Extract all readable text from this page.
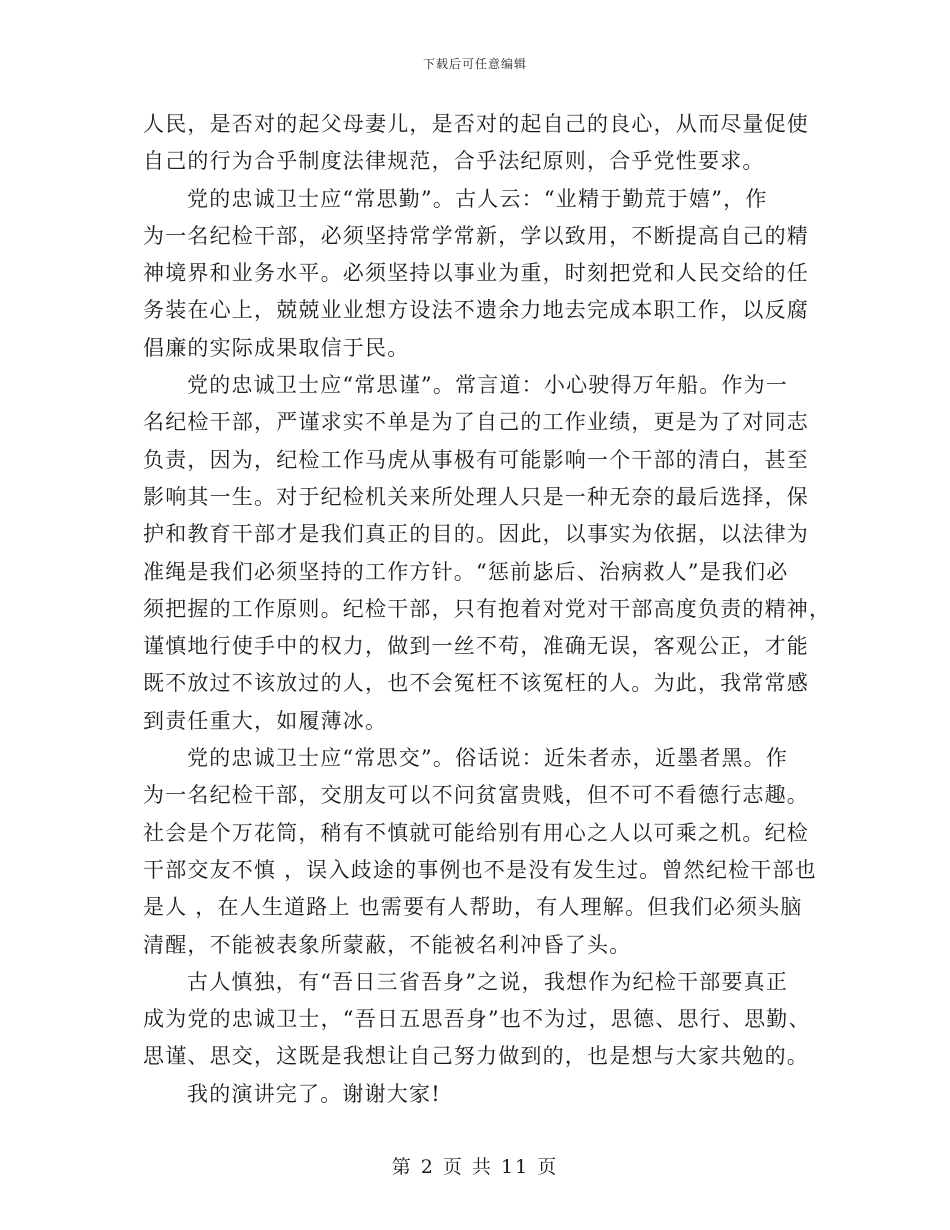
下载后可任意编辑
人民，是否对的起父母妻儿，是否对的起自己的良心，从而尽量促使
自己的行为合乎制度法律规范，合乎法纪原则，合乎党性要求。
党的忠诚卫士应“常思勤”。古人云：“业精于勤荒于嬉”，作
为一名纪检干部，必须坚持常学常新，学以致用，不断提高自己的精
神境界和业务水平。必须坚持以事业为重，时刻把党和人民交给的任
务装在心上，兢兢业业想方设法不遗余力地去完成本职工作，以反腐
倡廉的实际成果取信于民。
党的忠诚卫士应“常思谨”。常言道：小心驶得万年船。作为一
名纪检干部，严谨求实不单是为了自己的工作业绩，更是为了对同志
负责，因为，纪检工作马虎从事极有可能影响一个干部的清白，甚至
影响其一生。对于纪检机关来所处理人只是一种无奈的最后选择，保
护和教育干部才是我们真正的目的。因此，以事实为依据，以法律为
准绳是我们必须坚持的工作方针。“惩前毖后、治病救人”是我们必
须把握的工作原则。纪检干部，只有抱着对党对干部高度负责的精神，
谨慎地行使手中的权力，做到一丝不苟，准确无误，客观公正，才能
既不放过不该放过的人，也不会冤枉不该冤枉的人。为此，我常常感
到责任重大，如履薄冰。
党的忠诚卫士应“常思交”。俗话说：近朱者赤，近墨者黑。作
为一名纪检干部，交朋友可以不问贫富贵贱，但不可不看德行志趣。
社会是个万花筒，稍有不慎就可能给别有用心之人以可乘之机。纪检
干部交友不慎 ，误入歧途的事例也不是没有发生过。曾然纪检干部也
是人 ，在人生道路上 也需要有人帮助，有人理解。但我们必须头脑
清醒，不能被表象所蒙蔽，不能被名利冲昏了头。
古人慎独，有“吾日三省吾身”之说，我想作为纪检干部要真正
成为党的忠诚卫士，“吾日五思吾身”也不为过，思德、思行、思勤、
思谨、思交，这既是我想让自己努力做到的，也是想与大家共勉的。
我的演讲完了。谢谢大家!
第 2 页 共 11 页
